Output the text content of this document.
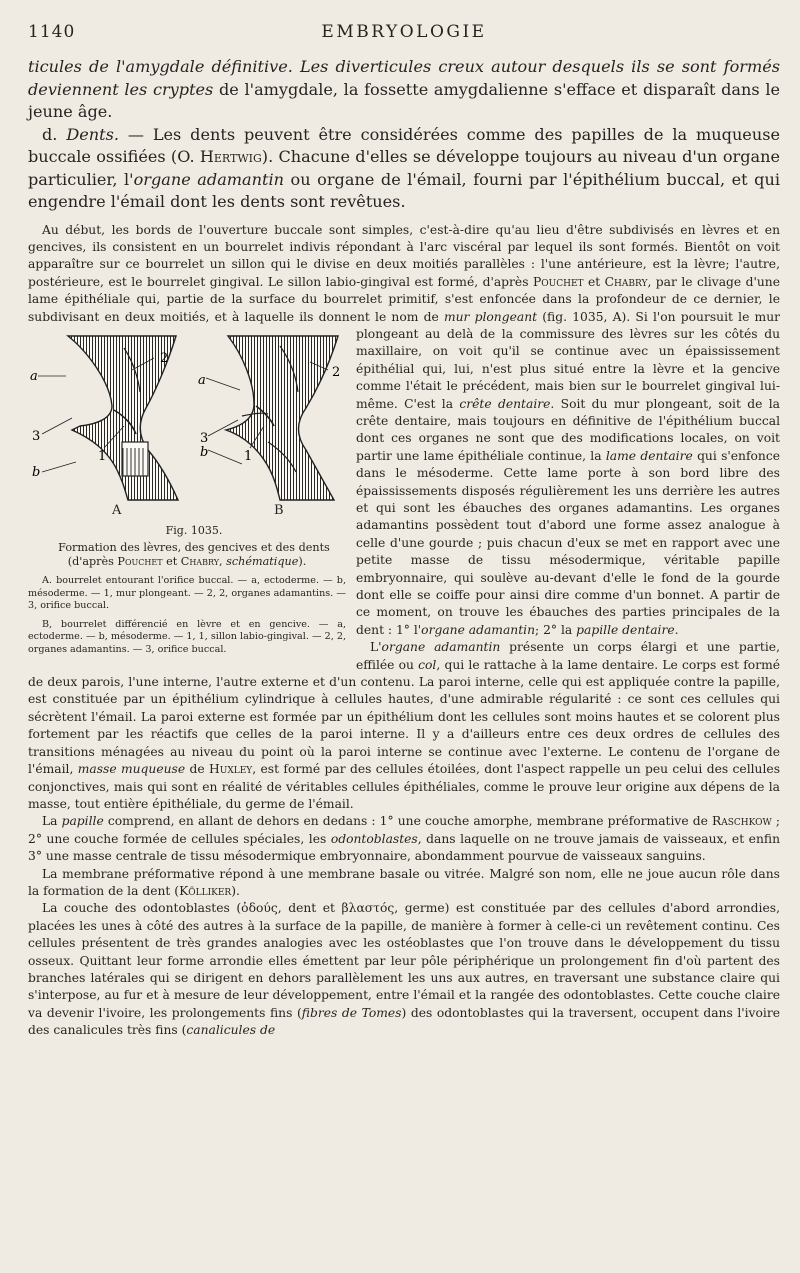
1140	EMBRYOLOGIE

ticules de l'amygdale définitive. Les diverticules creux autour desquels ils se sont formés deviennent les cryptes de l'amygdale, la fossette amygdalienne s'efface et disparaît dans le jeune âge.

d. Dents. — Les dents peuvent être considérées comme des papilles de la muqueuse buccale ossifiées (O. Hertwig). Chacune d'elles se développe toujours au niveau d'un organe particulier, l'organe adamantin ou organe de l'émail, fourni par l'épithélium buccal, et qui engendre l'émail dont les dents sont revêtues.

Au début, les bords de l'ouverture buccale sont simples, c'est-à-dire qu'au lieu d'être subdivisés en lèvres et en gencives, ils consistent en un bourrelet indivis répondant à l'arc viscéral par lequel ils sont formés. Bientôt on voit apparaître sur ce bourrelet un sillon qui le divise en deux moitiés parallèles : l'une antérieure, est la lèvre; l'autre, postérieure, est le bourrelet gingival. Le sillon labio-gingival est formé, d'après Pouchet et Chabry, par le clivage d'une lame épithéliale qui, partie de la surface du bourrelet primitif, s'est enfoncée dans la profondeur de ce dernier, le subdivisant en deux moitiés, et à laquelle ils donnent le nom de mur plongeant
a
3
b
2
1
a
3
b
2
1
A	B
Fig. 1035.
Formation des lèvres, des gencives et des dents (d'après Pouchet et Chabry, schématique).

A. bourrelet entourant l'orifice buccal. — a, ectoderme. — b, mésoderme. — 1, mur plongeant. — 2, 2, organes adamantins. — 3, orifice buccal.

B, bourrelet différencié en lèvre et en gencive. — a, ectoderme. — b, mésoderme. — 1, 1, sillon labio-gingival. — 2, 2, organes adamantins. — 3, orifice buccal.

(fig. 1035, A). Si l'on poursuit le mur plongeant au delà de la commissure des lèvres sur les côtés du maxillaire, on voit qu'il se continue avec un épaississement épithélial qui, lui, n'est plus situé entre la lèvre et la gencive comme l'était le précédent, mais bien sur le bourrelet gingival lui-même. C'est la crête dentaire. Soit du mur plongeant, soit de la crête dentaire, mais toujours en définitive de l'épithélium buccal dont ces organes ne sont que des modifications locales, on voit partir une lame épithéliale continue, la lame dentaire qui s'enfonce dans le mésoderme. Cette lame porte à son bord libre des épaississements disposés régulièrement les uns derrière les autres et qui sont les ébauches des organes adamantins. Les organes adamantins possèdent tout d'abord une forme assez analogue à celle d'une gourde ; puis chacun d'eux se met en rapport avec une petite masse de tissu mésodermique, véritable papille embryonnaire, qui soulève au-devant d'elle le fond de la gourde dont elle se coiffe pour ainsi dire comme d'un bonnet. A partir de ce moment, on trouve les ébauches des parties principales de la dent : 1° l'organe adamantin; 2° la papille dentaire.

L'organe adamantin présente un corps élargi et une partie, effilée ou col, qui le rattache à la lame dentaire. Le corps est formé de deux parois, l'une interne, l'autre externe et d'un contenu. La paroi interne, celle qui est appliquée contre la papille, est constituée par un épithélium cylindrique à cellules hautes, d'une admirable régularité : ce sont ces cellules qui sécrètent l'émail. La paroi externe est formée par un épithélium dont les cellules sont moins hautes et se colorent plus fortement par les réactifs que celles de la paroi interne. Il y a d'ailleurs entre ces deux ordres de cellules des transitions ménagées au niveau du point où la paroi interne se continue avec l'externe. Le contenu de l'organe de l'émail, masse muqueuse de Huxley, est formé par des cellules étoilées, dont l'aspect rappelle un peu celui des cellules conjonctives, mais qui sont en réalité de véritables cellules épithéliales, comme le prouve leur origine aux dépens de la masse, tout entière épithéliale, du germe de l'émail.

La papille comprend, en allant de dehors en dedans : 1° une couche amorphe, membrane préformative de Raschkow ; 2° une couche formée de cellules spéciales, les odontoblastes, dans laquelle on ne trouve jamais de vaisseaux, et enfin 3° une masse centrale de tissu mésodermique embryonnaire, abondamment pourvue de vaisseaux sanguins.

La membrane préformative répond à une membrane basale ou vitrée. Malgré son nom, elle ne joue aucun rôle dans la formation de la dent (Kölliker).

La couche des odontoblastes (ὀδούς, dent et βλαστός, germe) est constituée par des cellules d'abord arrondies, placées les unes à côté des autres à la surface de la papille, de manière à former à celle-ci un revêtement continu. Ces cellules présentent de très grandes analogies avec les ostéoblastes que l'on trouve dans le développement du tissu osseux. Quittant leur forme arrondie elles émettent par leur pôle périphérique un prolongement fin d'où partent des branches latérales qui se dirigent en dehors parallèlement les uns aux autres, en traversant une substance claire qui s'interpose, au fur et à mesure de leur développement, entre l'émail et la rangée des odontoblastes. Cette couche claire va devenir l'ivoire, les prolongements fins (fibres de Tomes) des odontoblastes qui la traversent, occupent dans l'ivoire des canalicules très fins (canalicules de
